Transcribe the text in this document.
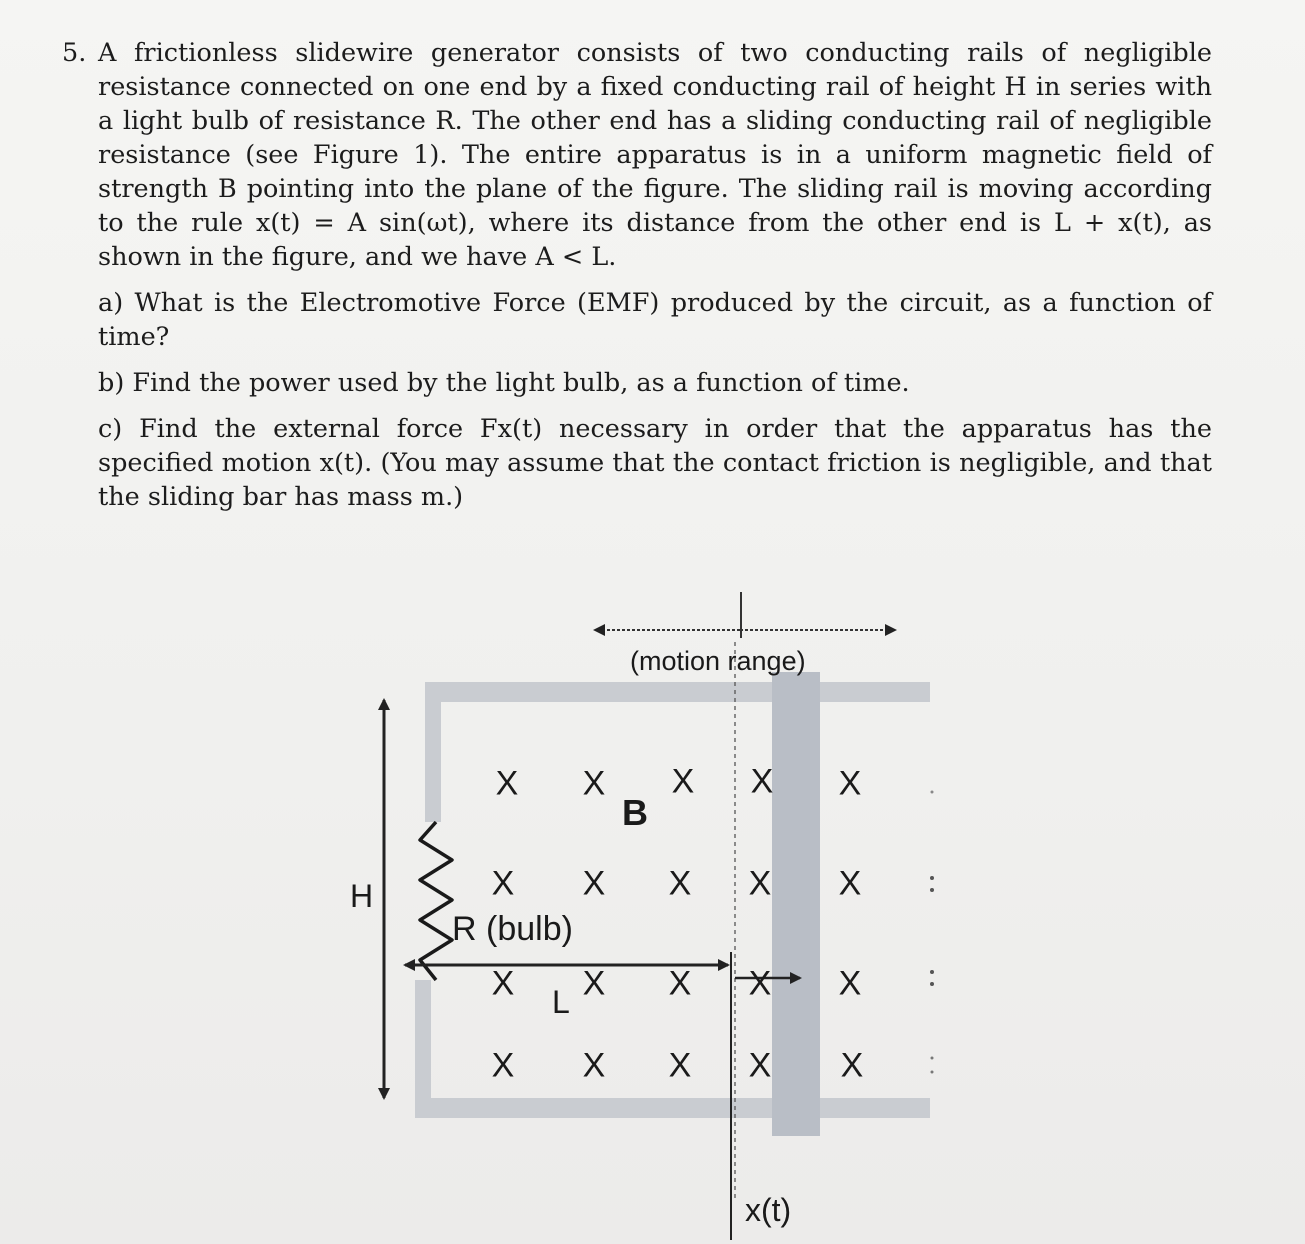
5. A frictionless slidewire generator consists of two conducting rails of negligible resistance connected on one end by a fixed conducting rail of height H in series with a light bulb of resistance R. The other end has a sliding conducting rail of negligible resistance (see Figure 1). The entire apparatus is in a uniform magnetic field of strength B pointing into the plane of the figure. The sliding rail is moving according to the rule x(t) = A sin(ωt), where its distance from the other end is L + x(t), as shown in the figure, and we have A < L.

a) What is the Electromotive Force (EMF) produced by the circuit, as a function of time?

b) Find the power used by the light bulb, as a function of time.

c) Find the external force Fx(t) necessary in order that the apparatus has the specified motion x(t). (You may assume that the contact friction is negligible, and that the sliding bar has mass m.)

(motion range)
B
H
R (bulb)
L
x(t)
X X X X X
X X X X X
X X X X X
X X X X X
